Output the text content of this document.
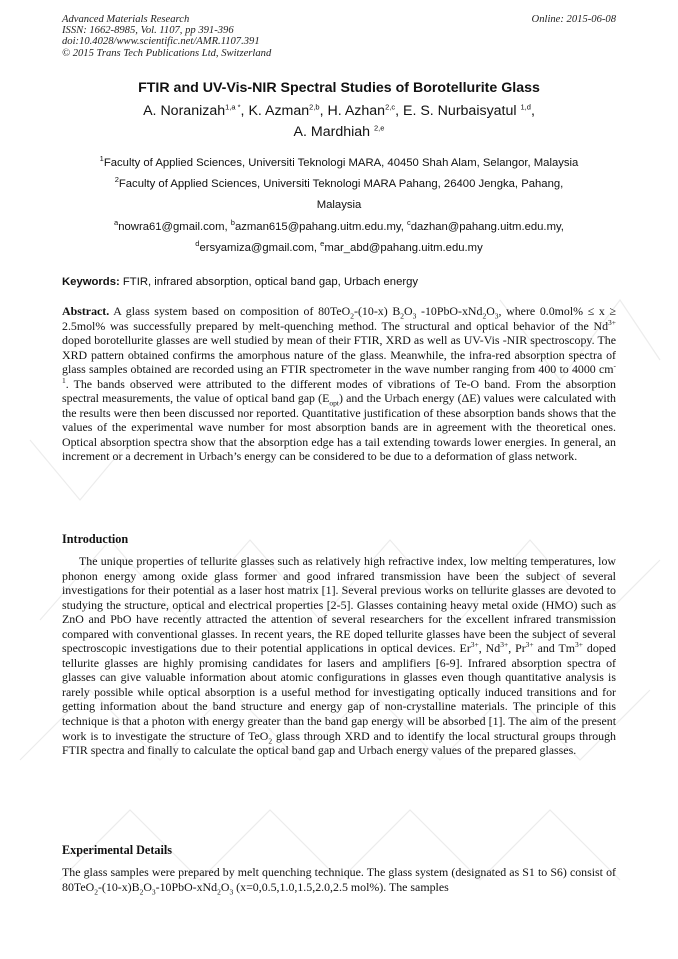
Advanced Materials Research
ISSN: 1662-8985, Vol. 1107, pp 391-396
doi:10.4028/www.scientific.net/AMR.1107.391
© 2015 Trans Tech Publications Ltd, Switzerland
Online: 2015-06-08
FTIR and UV-Vis-NIR Spectral Studies of Borotellurite Glass
A. Noranizah$^{1,a *}$, K. Azman$^{2,b}$, H. Azhan$^{2,c}$, E. S. Nurbaisyatul $^{1,d}$,
A. Mardhiah $^{2,e}$
$^1$Faculty of Applied Sciences, Universiti Teknologi MARA, 40450 Shah Alam, Selangor, Malaysia
$^2$Faculty of Applied Sciences, Universiti Teknologi MARA Pahang, 26400 Jengka, Pahang,
Malaysia
$^a$nowra61@gmail.com, $^b$azman615@pahang.uitm.edu.my, $^c$dazhan@pahang.uitm.edu.my,
$^d$ersyamiza@gmail.com, $^e$mar_abd@pahang.uitm.edu.my
Keywords: FTIR, infrared absorption, optical band gap, Urbach energy
Abstract. A glass system based on composition of 80TeO$_2$-(10-x) $B_2O_3$ $-10PbO-xNd_2O_3$, where 0.0mol% ≤ x ≥ 2.5mol% was successfully prepared by melt-quenching method. The structural and optical behavior of the $Nd^{3+}$ doped borotellurite glasses are well studied by mean of their FTIR, XRD as well as UV-Vis -NIR spectroscopy. The XRD pattern obtained confirms the amorphous nature of the glass. Meanwhile, the infra-red absorption spectra of glass samples obtained are recorded using an FTIR spectrometer in the wave number ranging from 400 to 4000 $cm^{-1}$. The bands observed were attributed to the different modes of vibrations of Te-O band. From the absorption spectral measurements, the value of optical band gap $(E_{opt})$ and the Urbach energy (ΔE) values were calculated with the results were then been discussed nor reported. Quantitative justification of these absorption bands shows that the values of the experimental wave number for most absorption bands are in agreement with the theoretical ones. Optical absorption spectra show that the absorption edge has a tail extending towards lower energies. In general, an increment or a decrement in Urbach’s energy can be considered to be due to a deformation of glass network.
Introduction
The unique properties of tellurite glasses such as relatively high refractive index, low melting temperatures, low phonon energy among oxide glass former and good infrared transmission have been the subject of several investigations for their potential as a laser host matrix [1]. Several previous works on tellurite glasses are devoted to studying the structure, optical and electrical properties [2-5]. Glasses containing heavy metal oxide (HMO) such as ZnO and PbO have recently attracted the attention of several researchers for the excellent infrared transmission compared with conventional glasses. In recent years, the RE doped tellurite glasses have been the subject of several spectroscopic investigations due to their potential applications in optical devices. $Er^{3+}$, $Nd^{3+}$, $Pr^{3+}$ and $Tm^{3+}$ doped tellurite glasses are highly promising candidates for lasers and amplifiers [6-9]. Infrared absorption spectra of glasses can give valuable information about atomic configurations in glasses even though quantitative analysis is rarely possible while optical absorption is a useful method for investigating optically induced transitions and for getting information about the band structure and energy gap of non-crystalline materials. The principle of this technique is that a photon with energy greater than the band gap energy will be absorbed [1]. The aim of the present work is to investigate the structure of TeO$_2$ glass through XRD and to identify the local structural groups through FTIR spectra and finally to calculate the optical band gap and Urbach energy values of the prepared glasses.
Experimental Details
The glass samples were prepared by melt quenching technique. The glass system (designated as S1 to S6) consist of $80TeO_2-(10-x)B_2O_3-10PbO-xNd_2O_3$ (x=0,0.5,1.0,1.5,2.0,2.5 mol%). The samples
